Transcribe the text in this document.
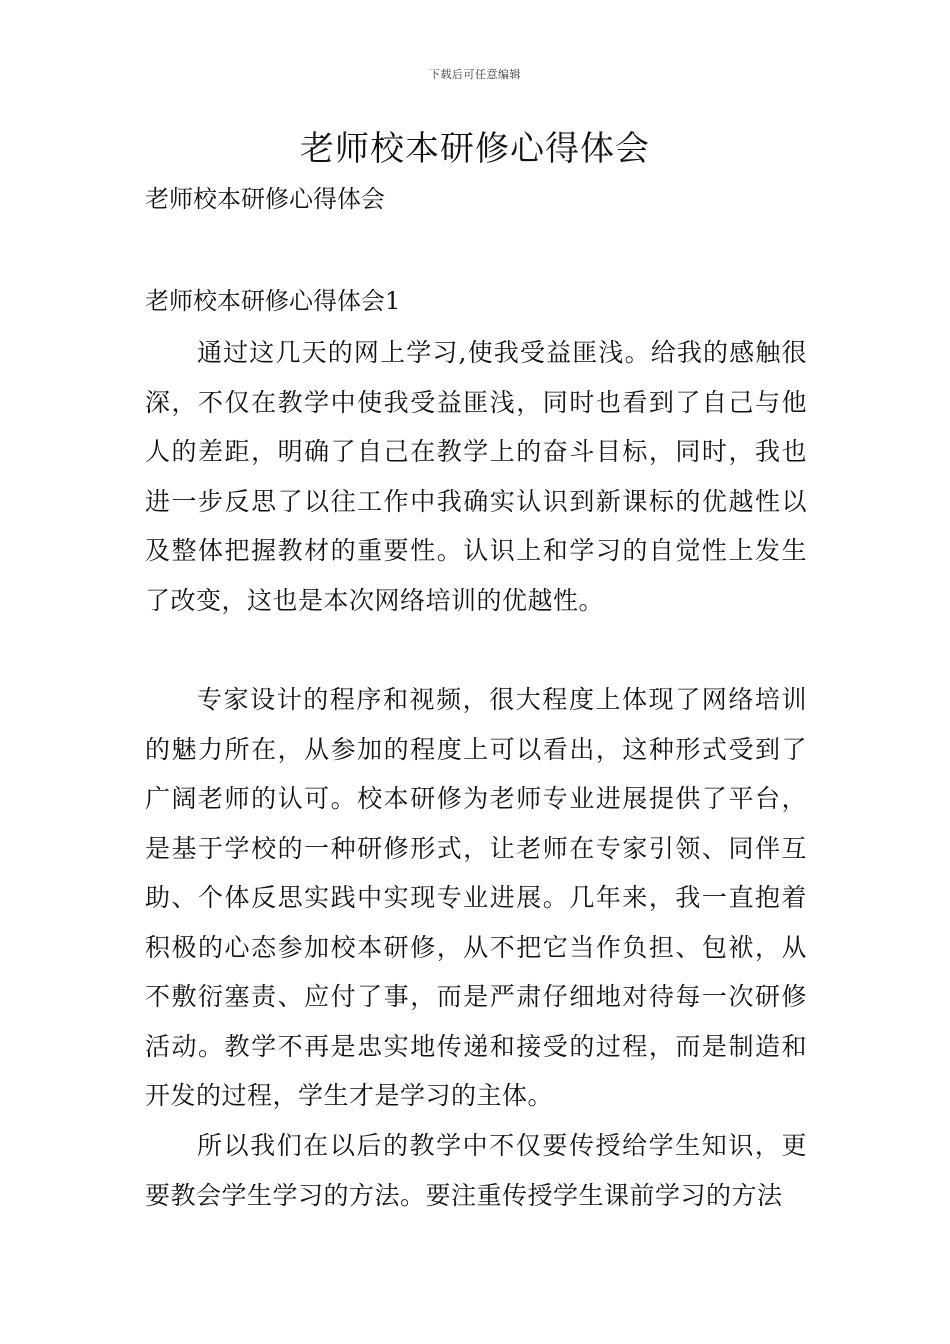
下载后可任意编辑
老师校本研修心得体会
老师校本研修心得体会
老师校本研修心得体会1

通过这几天的网上学习,使我受益匪浅。给我的感触很深，不仅在教学中使我受益匪浅，同时也看到了自己与他人的差距，明确了自己在教学上的奋斗目标，同时，我也进一步反思了以往工作中我确实认识到新课标的优越性以及整体把握教材的重要性。认识上和学习的自觉性上发生了改变，这也是本次网络培训的优越性。

专家设计的程序和视频，很大程度上体现了网络培训的魅力所在，从参加的程度上可以看出，这种形式受到了广阔老师的认可。校本研修为老师专业进展提供了平台，是基于学校的一种研修形式，让老师在专家引领、同伴互助、个体反思实践中实现专业进展。几年来，我一直抱着积极的心态参加校本研修，从不把它当作负担、包袱，从不敷衍塞责、应付了事，而是严肃仔细地对待每一次研修活动。教学不再是忠实地传递和接受的过程，而是制造和开发的过程，学生才是学习的主体。

所以我们在以后的教学中不仅要传授给学生知识，更要教会学生学习的方法。要注重传授学生课前学习的方法
